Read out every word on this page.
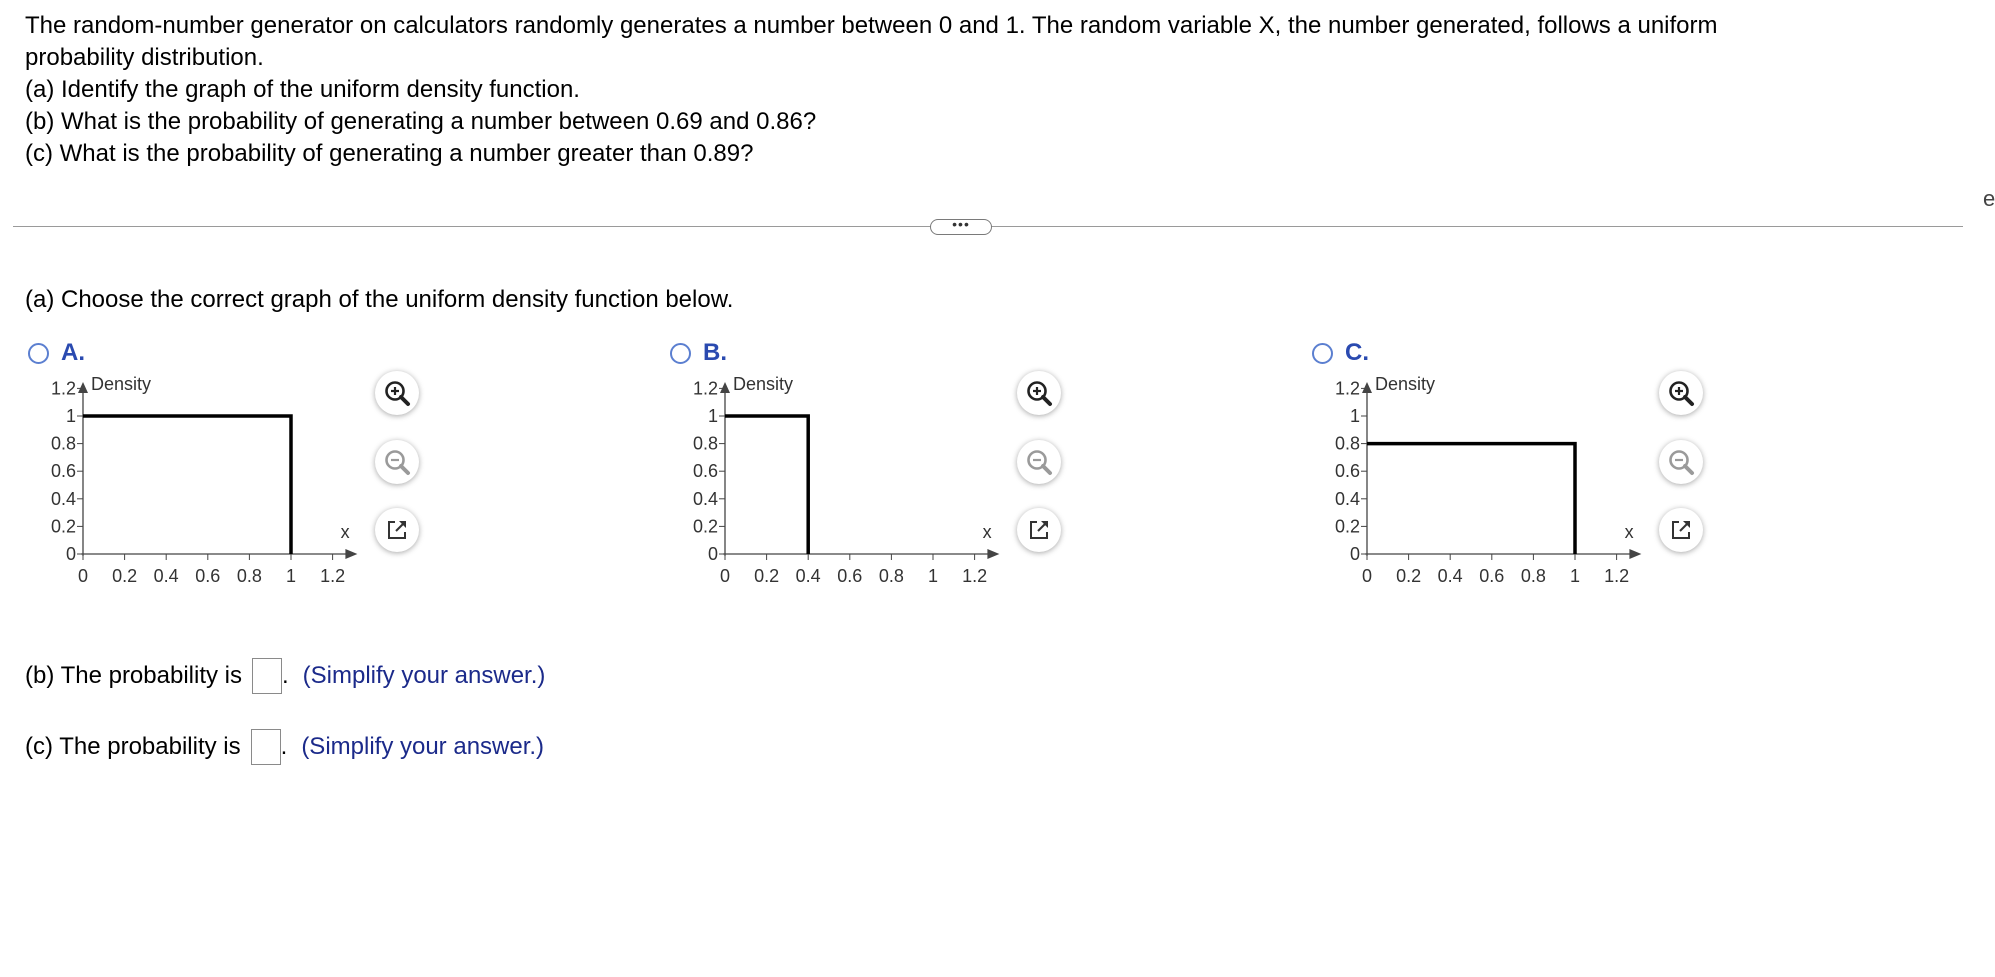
The random-number generator on calculators randomly generates a number between 0 and 1. The random variable X, the number generated, follows a uniform
probability distribution.
(a) Identify the graph of the uniform density function.
(b) What is the probability of generating a number between 0.69 and 0.86?
(c) What is the probability of generating a number greater than 0.89?
•••
e
(a) Choose the correct graph of the uniform density function below.
A.
0
0.2
0.4
0.6
0.8
1
1.2
0 0.2 0.4 0.6 0.8 1 1.2
Density
x
B.
0
0.2
0.4
0.6
0.8
1
1.2
0 0.2 0.4 0.6 0.8 1 1.2
Density
x
C.
0
0.2
0.4
0.6
0.8
1
1.2
0 0.2 0.4 0.6 0.8 1 1.2
Density
x
(b) The probability is . (Simplify your answer.)
(c) The probability is . (Simplify your answer.)
